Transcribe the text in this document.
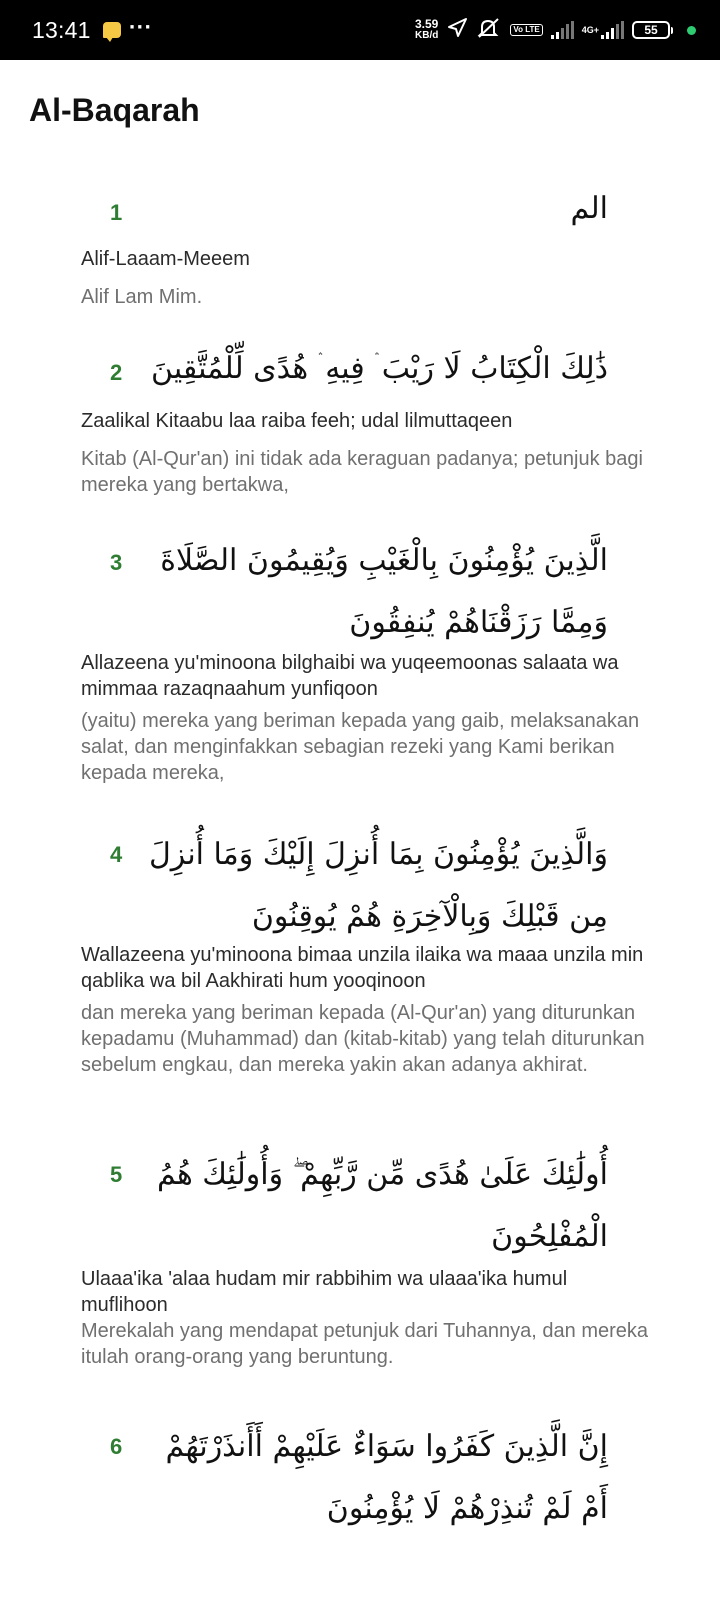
13:41 ···	3.59
KB/d
Vo LTE	4G+	55
Al-Baqarah
1	الم
Alif-Laaam-Meeem
Alif Lam Mim.
2 ذَٰلِكَ الْكِتَابُ لَا رَيْبَ ۛ فِيهِ ۛ هُدًى لِّلْمُتَّقِينَ
Zaalikal Kitaabu laa raiba feeh; udal lilmuttaqeen
Kitab (Al-Qur'an) ini tidak ada keraguan padanya; petunjuk bagi mereka yang bertakwa,
3	الَّذِينَ يُؤْمِنُونَ بِالْغَيْبِ وَيُقِيمُونَ الصَّلَاةَ وَمِمَّا رَزَقْنَاهُمْ يُنفِقُونَ
Allazeena yu'minoona bilghaibi wa yuqeemoonas salaata wa mimmaa razaqnaahum yunfiqoon
(yaitu) mereka yang beriman kepada yang gaib, melaksanakan salat, dan menginfakkan sebagian rezeki yang Kami berikan kepada mereka,
4 وَالَّذِينَ يُؤْمِنُونَ بِمَا أُنزِلَ إِلَيْكَ وَمَا أُنزِلَ مِن قَبْلِكَ وَبِالْآخِرَةِ هُمْ يُوقِنُونَ
Wallazeena yu'minoona bimaa unzila ilaika wa maaa unzila min qablika wa bil Aakhirati hum yooqinoon
dan mereka yang beriman kepada (Al-Qur'an) yang diturunkan kepadamu (Muhammad) dan (kitab-kitab) yang telah diturunkan sebelum engkau, dan mereka yakin akan adanya akhirat.
5 أُولَٰئِكَ عَلَىٰ هُدًى مِّن رَّبِّهِمْ ۖ وَأُولَٰئِكَ هُمُ الْمُفْلِحُونَ
Ulaaa'ika 'alaa hudam mir rabbihim wa ulaaa'ika humul muflihoon
Merekalah yang mendapat petunjuk dari Tuhannya, dan mereka itulah orang-orang yang beruntung.
6	إِنَّ الَّذِينَ كَفَرُوا سَوَاءٌ عَلَيْهِمْ أَأَنذَرْتَهُمْ أَمْ لَمْ تُنذِرْهُمْ لَا يُؤْمِنُونَ
